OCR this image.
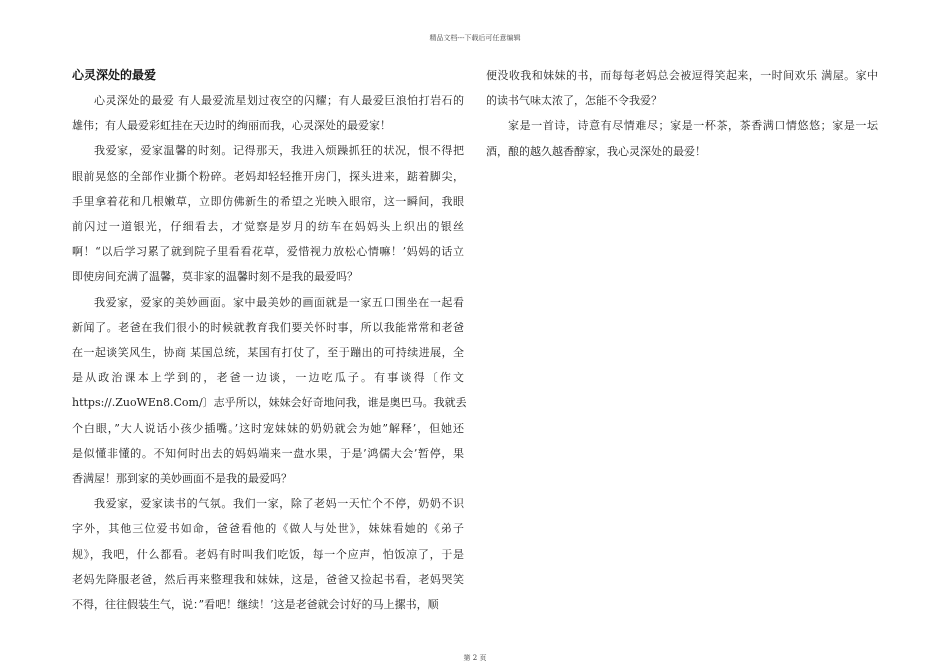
精品文档---下载后可任意编辑
心灵深处的最爱

心灵深处的最爱 有人最爱流星划过夜空的闪耀；有人最爱巨浪怕打岩石的
雄伟；有人最爱彩虹挂在天边时的绚丽而我，心灵深处的最爱家！

我爱家，爱家温馨的时刻。记得那天，我进入烦躁抓狂的状况，恨不得把
眼前晃悠的全部作业撕个粉碎。老妈却轻轻推开房门，探头进来，踮着脚尖，
手里拿着花和几根嫩草，立即仿佛新生的希望之光映入眼帘，这一瞬间，我眼
前闪过一道银光，仔细看去，才觉察是岁月的纺车在妈妈头上织出的银丝
啊！“以后学习累了就到院子里看看花草，爱惜视力放松心情嘛！’妈妈的话立
即使房间充满了温馨，莫非家的温馨时刻不是我的最爱吗？

我爱家，爱家的美妙画面。家中最美妙的画面就是一家五口围坐在一起看
新闻了。老爸在我们很小的时候就教育我们要关怀时事，所以我能常常和老爸
在一起谈笑风生，协商 某国总统，某国有打仗了，至于蹦出的可持续进展，全
是从政治课本上学到的，老爸一边谈，一边吃瓜子。有事谈得〔作文
https://.ZuoWEn8.Com/〕志乎所以，妹妹会好奇地问我，谁是奥巴马。我就丢
个白眼，”大人说话小孩少插嘴。’这时宠妹妹的奶奶就会为她”解释’，但她还
是似懂非懂的。不知何时出去的妈妈端来一盘水果，于是’鸿儒大会’暂停，果
香满屋！那到家的美妙画面不是我的最爱吗？

我爱家，爱家读书的气氛。我们一家，除了老妈一天忙个不停，奶奶不识
字外，其他三位爱书如命，爸爸看他的《做人与处世》，妹妹看她的《弟子
规》，我吧，什么都看。老妈有时叫我们吃饭，每一个应声，怕饭凉了，于是
老妈先降服老爸，然后再来整理我和妹妹，这是，爸爸又捡起书看，老妈哭笑
不得，往往假装生气，说：”看吧！继续！’这是老爸就会讨好的马上摞书，顺

便没收我和妹妹的书，而每每老妈总会被逗得笑起来，一时间欢乐 满屋。家中
的读书气味太浓了，怎能不令我爱？

家是一首诗，诗意有尽情难尽；家是一杯茶，茶香满口情悠悠；家是一坛
酒，酿的越久越香醇家，我心灵深处的最爱！

第 2 页
